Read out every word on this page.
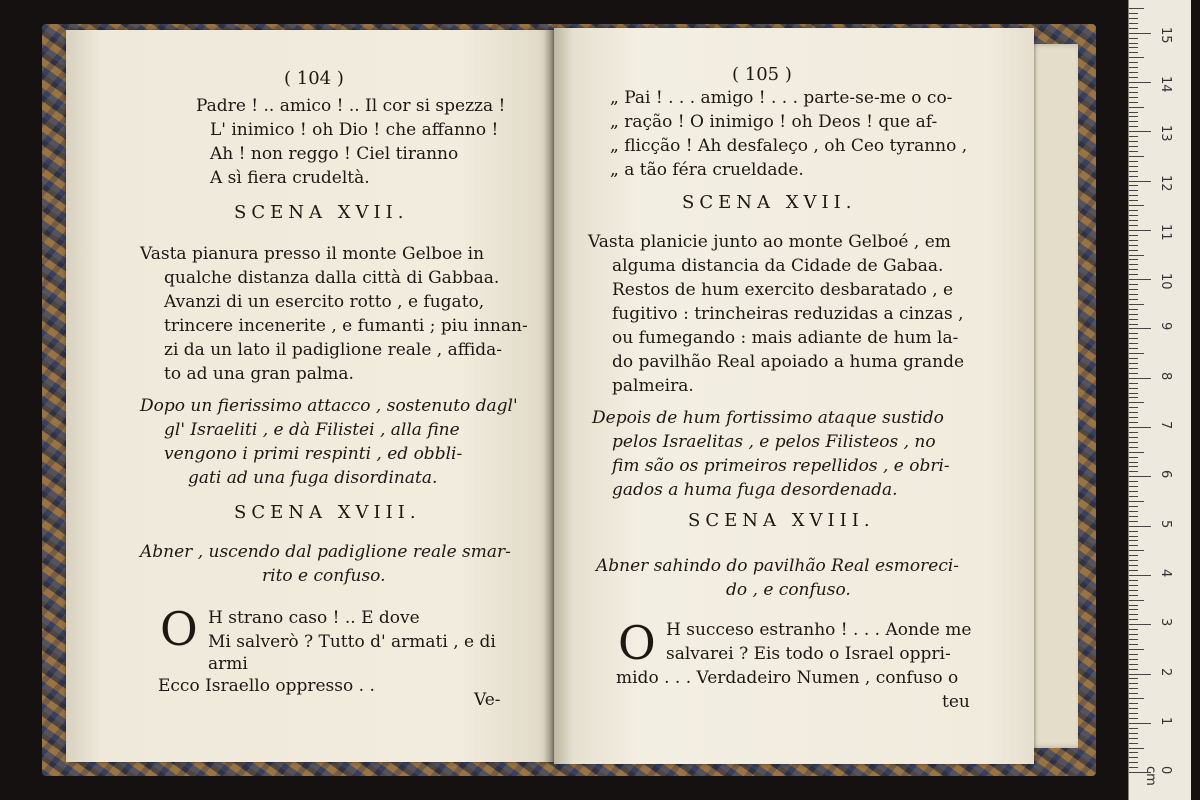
( 104 )
Padre ! .. amico ! .. Il cor si spezza !
L' inimico ! oh Dio ! che affanno !
Ah ! non reggo ! Ciel tiranno
A sì fiera crudeltà.
SCENA XVII.
Vasta pianura presso il monte Gelboe in
qualche distanza dalla città di Gabbaa.
Avanzi di un esercito rotto , e fugato,
trincere incenerite , e fumanti ; piu innan-
zi da un lato il padiglione reale , affida-
to ad una gran palma.
Dopo un fierissimo attacco , sostenuto dagl'
gl' Israeliti , e dà Filistei , alla fine
vengono i primi respinti , ed obbli-
gati ad una fuga disordinata.
SCENA XVIII.
Abner , uscendo dal padiglione reale smar-
rito e confuso.
O H strano caso ! .. E dove
Mi salverò ? Tutto d' armati , e di
armi
Ecco Israello oppresso . .
Ve-
( 105 )
„ Pai ! . . . amigo ! . . . parte-se-me o co-
„ ração ! O inimigo ! oh Deos ! que af-
„ flicção ! Ah desfaleço , oh Ceo tyranno ,
„ a tão féra crueldade.
SCENA XVII.
Vasta planicie junto ao monte Gelboé , em
alguma distancia da Cidade de Gabaa.
Restos de hum exercito desbaratado , e
fugitivo : trincheiras reduzidas a cinzas ,
ou fumegando : mais adiante de hum la-
do pavilhão Real apoiado a huma grande
palmeira.
Depois de hum fortissimo ataque sustido
pelos Israelitas , e pelos Filisteos , no
fim são os primeiros repellidos , e obri-
gados a huma fuga desordenada.
SCENA XVIII.
Abner sahindo do pavilhão Real esmoreci-
do , e confuso.
O H succeso estranho ! . . . Aonde me
salvarei ? Eis todo o Israel oppri-
mido . . . Verdadeiro Numen , confuso o
teu
15
14
13
12
11
10
9
8
7
6
5
4
3
2
1
0 cm
